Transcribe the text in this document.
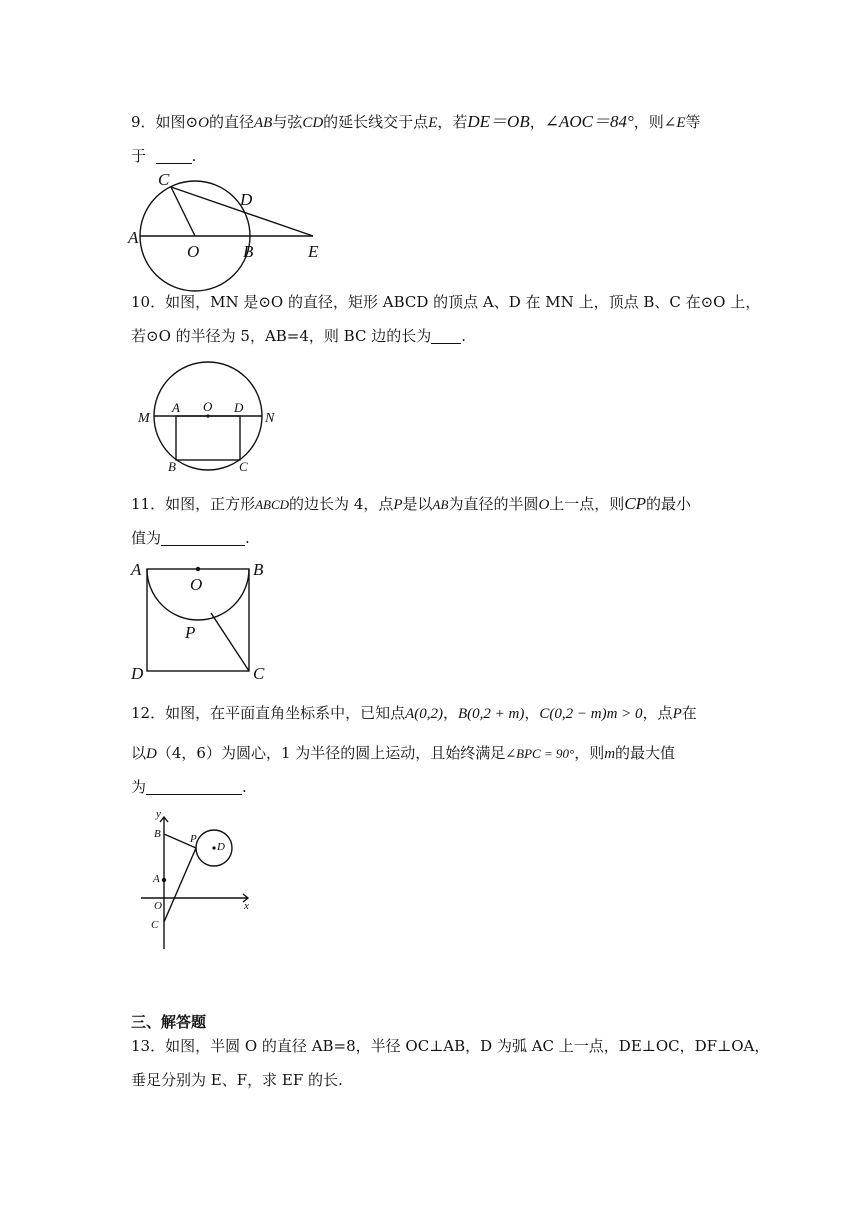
9．如图⊙O的直径AB与弦CD的延长线交于点E，若DE＝OB，∠AOC＝84°，则∠E等
于	.
C
D
A
O	B	E
10．如图，MN 是⊙O 的直径，矩形 ABCD 的顶点 A、D 在 MN 上，顶点 B、C 在⊙O 上，
若⊙O 的半径为 5，AB=4，则 BC 边的长为 .
M
A O D
N
B	C
11．如图，正方形ABCD的边长为 4，点P是以AB为直径的半圆O上一点，则CP的最小
值为	.
A
O
B
P
D	C
12．如图，在平面直角坐标系中，已知点A(0,2)，B(0,2 + m)，C(0,2 − m)m > 0，点P在
以D（4，6）为圆心，1 为半径的圆上运动，且始终满足∠BPC = 90°，则m的最大值
为	.
y
B	P
D
A
O	x
C
三、解答题
13．如图，半圆 O 的直径 AB=8，半径 OC⊥AB，D 为弧 AC 上一点，DE⊥OC，DF⊥OA，
垂足分别为 E、F，求 EF 的长.
